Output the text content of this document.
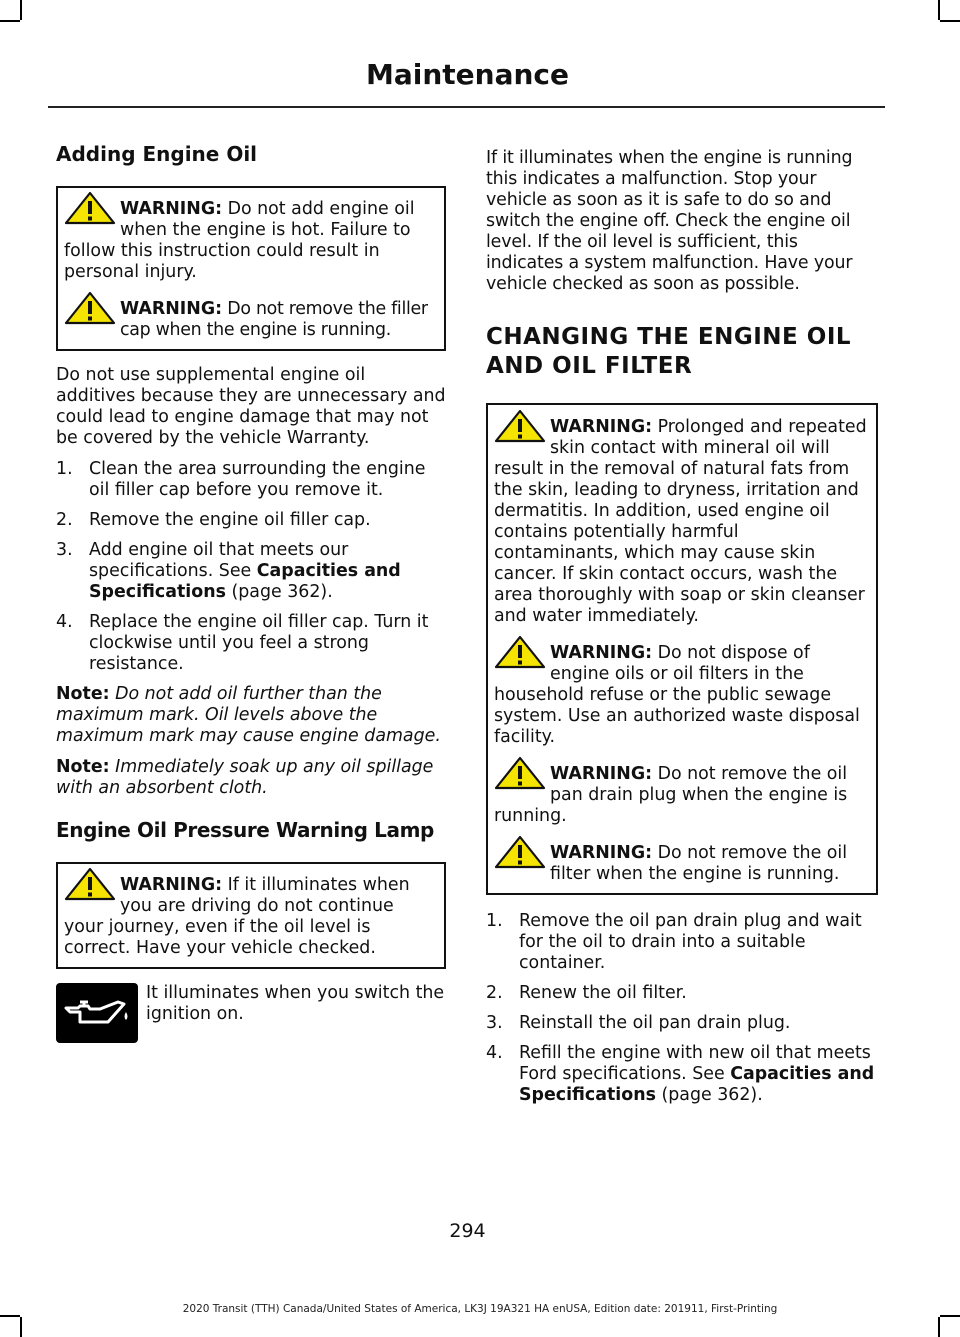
Maintenance
Adding Engine Oil
WARNING: Do not add engine oil when the engine is hot. Failure to follow this instruction could result in personal injury.
WARNING: Do not remove the filler cap when the engine is running.
Do not use supplemental engine oil additives because they are unnecessary and could lead to engine damage that may not be covered by the vehicle Warranty.
1. Clean the area surrounding the engine oil filler cap before you remove it.
2. Remove the engine oil filler cap.
3. Add engine oil that meets our specifications. See Capacities and Specifications (page 362).
4. Replace the engine oil filler cap. Turn it clockwise until you feel a strong resistance.
Note: Do not add oil further than the maximum mark. Oil levels above the maximum mark may cause engine damage.
Note: Immediately soak up any oil spillage with an absorbent cloth.
Engine Oil Pressure Warning Lamp
WARNING: If it illuminates when you are driving do not continue your journey, even if the oil level is correct. Have your vehicle checked.
It illuminates when you switch the ignition on.
If it illuminates when the engine is running this indicates a malfunction. Stop your vehicle as soon as it is safe to do so and switch the engine off. Check the engine oil level. If the oil level is sufficient, this indicates a system malfunction. Have your vehicle checked as soon as possible.
CHANGING THE ENGINE OIL AND OIL FILTER
WARNING: Prolonged and repeated skin contact with mineral oil will result in the removal of natural fats from the skin, leading to dryness, irritation and dermatitis. In addition, used engine oil contains potentially harmful contaminants, which may cause skin cancer. If skin contact occurs, wash the area thoroughly with soap or skin cleanser and water immediately.
WARNING: Do not dispose of engine oils or oil filters in the household refuse or the public sewage system. Use an authorized waste disposal facility.
WARNING: Do not remove the oil pan drain plug when the engine is running.
WARNING: Do not remove the oil filter when the engine is running.
1. Remove the oil pan drain plug and wait for the oil to drain into a suitable container.
2. Renew the oil filter.
3. Reinstall the oil pan drain plug.
4. Refill the engine with new oil that meets Ford specifications. See Capacities and Specifications (page 362).
294
2020 Transit (TTH) Canada/United States of America, LK3J 19A321 HA enUSA, Edition date: 201911, First-Printing
